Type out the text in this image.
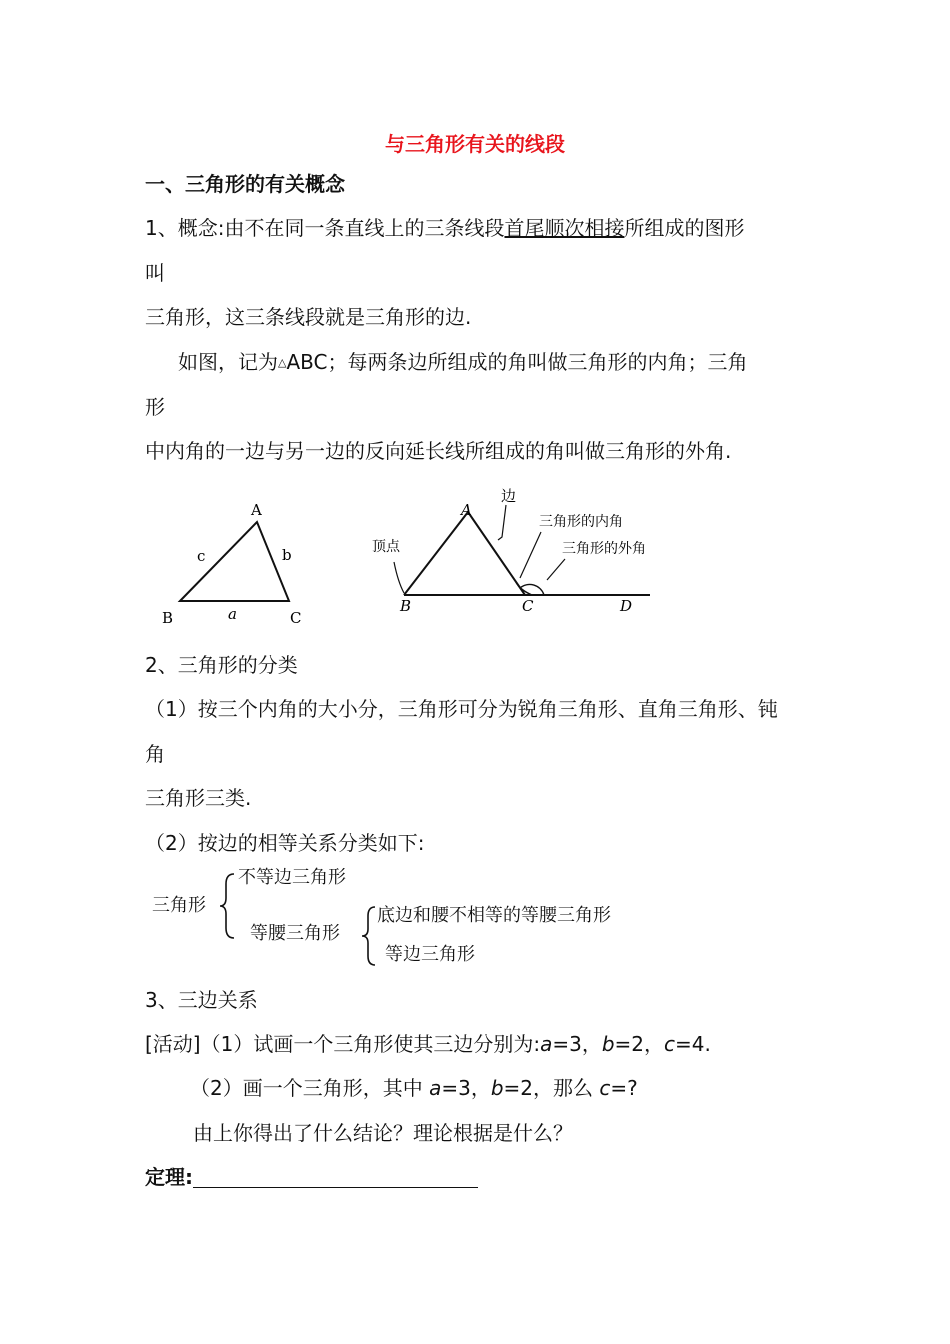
与三角形有关的线段
一、三角形的有关概念
1、概念:由不在同一条直线上的三条线段首尾顺次相接所组成的图形
叫
三角形，这三条线段就是三角形的边.
如图，记为△ABC；每两条边所组成的角叫做三角形的内角；三角
形
中内角的一边与另一边的反向延长线所组成的角叫做三角形的外角.
A
B	C
a
b
c
A
B	C	D
边
顶点
三角形的内角
三角形的外角
2、三角形的分类
（1）按三个内角的大小分，三角形可分为锐角三角形、直角三角形、钝
角
三角形三类.
（2）按边的相等关系分类如下:
三角形
不等边三角形
等腰三角形
底边和腰不相等的等腰三角形
等边三角形
3、三边关系
[活动]（1）试画一个三角形使其三边分别为:a=3，b=2，c=4.
（2）画一个三角形，其中 a=3，b=2，那么 c=?
由上你得出了什么结论？理论根据是什么？
定理:
